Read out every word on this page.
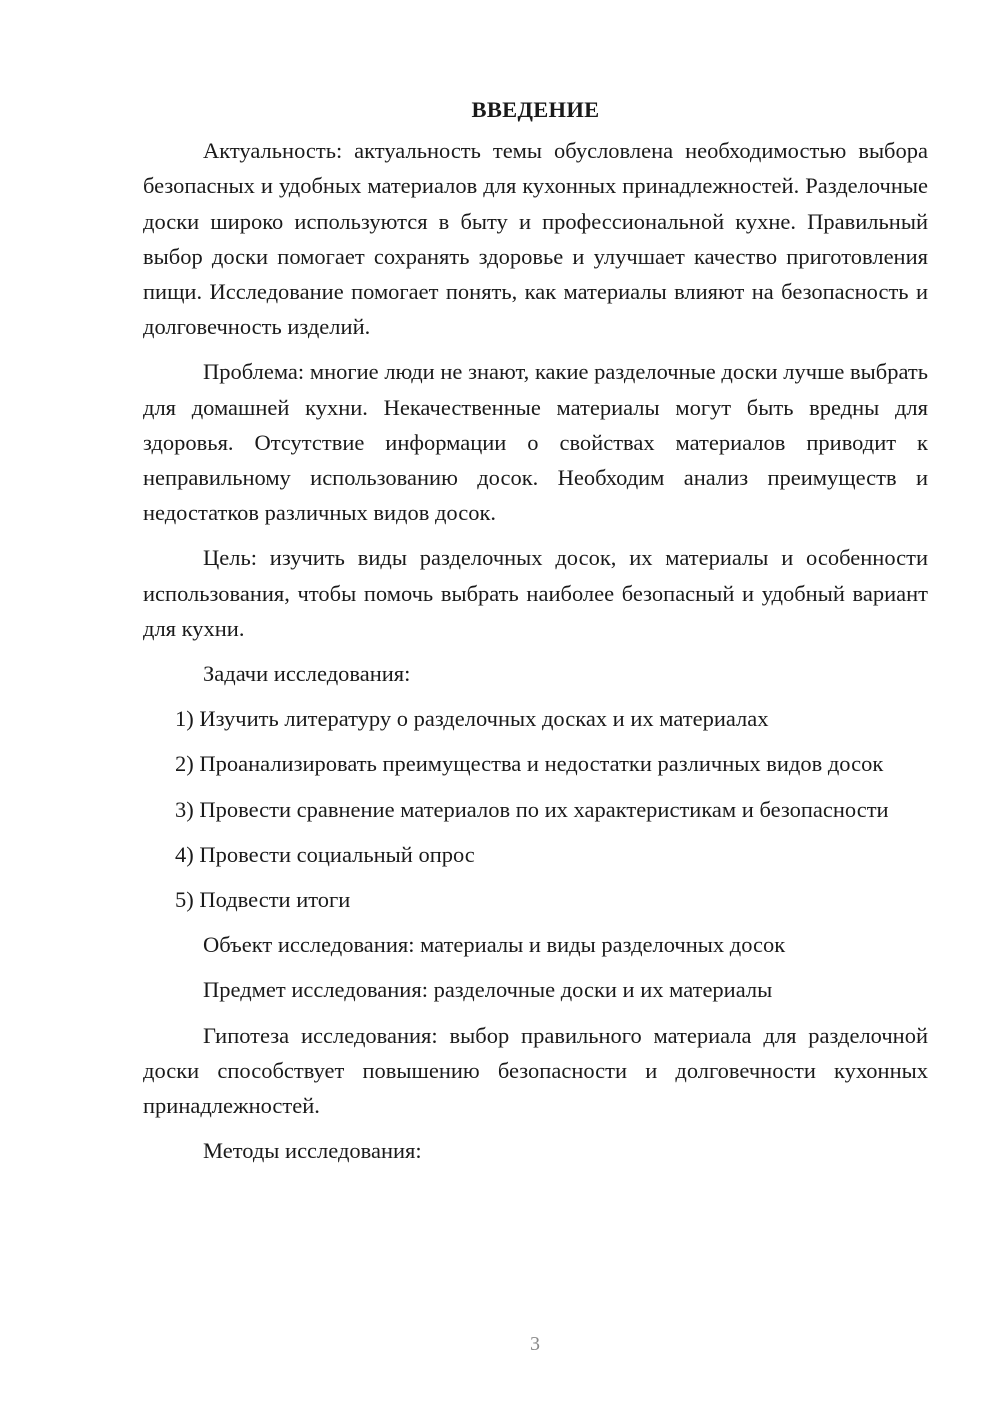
ВВЕДЕНИЕ

Актуальность: актуальность темы обусловлена необходимостью выбора безопасных и удобных материалов для кухонных принадлежностей. Разделочные доски широко используются в быту и профессиональной кухне. Правильный выбор доски помогает сохранять здоровье и улучшает качество приготовления пищи. Исследование помогает понять, как материалы влияют на безопасность и долговечность изделий.

Проблема: многие люди не знают, какие разделочные доски лучше выбрать для домашней кухни. Некачественные материалы могут быть вредны для здоровья. Отсутствие информации о свойствах материалов приводит к неправильному использованию досок. Необходим анализ преимуществ и недостатков различных видов досок.

Цель: изучить виды разделочных досок, их материалы и особенности использования, чтобы помочь выбрать наиболее безопасный и удобный вариант для кухни.

Задачи исследования:

1) Изучить литературу о разделочных досках и их материалах

2) Проанализировать преимущества и недостатки различных видов досок

3) Провести сравнение материалов по их характеристикам и безопасности

4) Провести социальный опрос

5) Подвести итоги

Объект исследования: материалы и виды разделочных досок

Предмет исследования: разделочные доски и их материалы

Гипотеза исследования: выбор правильного материала для разделочной доски способствует повышению безопасности и долговечности кухонных принадлежностей.

Методы исследования:

3
